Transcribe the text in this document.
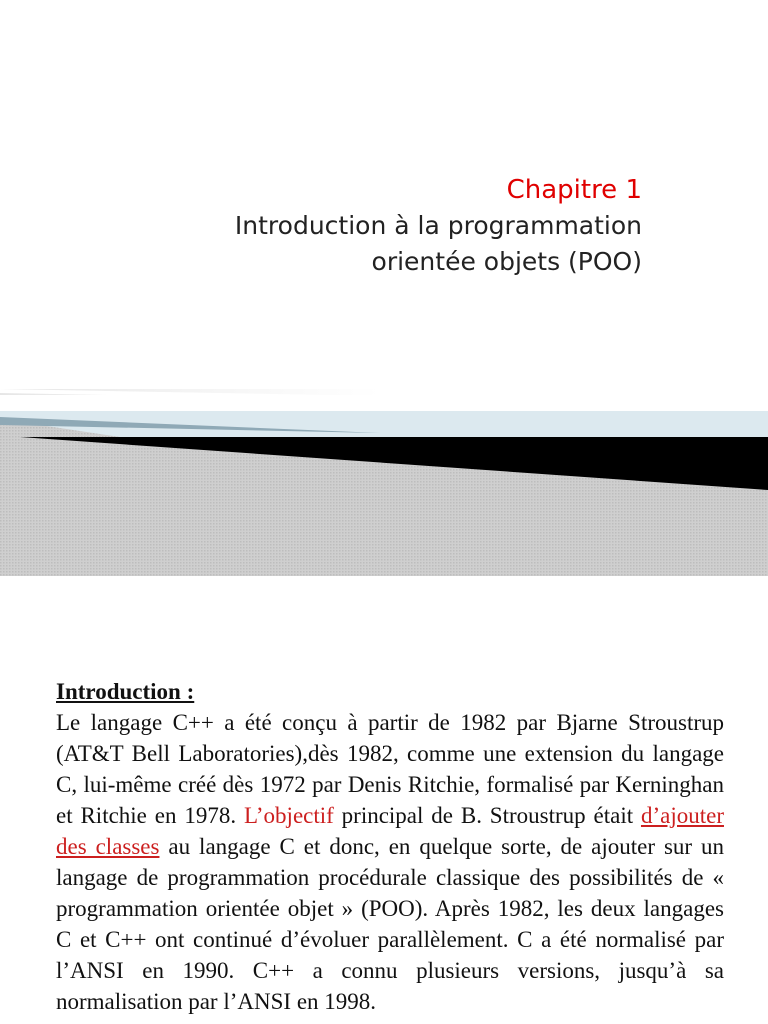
Chapitre 1

Introduction à la programmation

orientée objets (POO)

Introduction :

Le langage C++ a été conçu à partir de 1982 par Bjarne Stroustrup (AT&T Bell Laboratories),dès 1982, comme une extension du langage C, lui-même créé dès 1972 par Denis Ritchie, formalisé par Kerninghan et Ritchie en 1978. L’objectif principal de B. Stroustrup était d’ajouter des classes au langage C et donc, en quelque sorte, de ajouter sur un langage de programmation procédurale classique des possibilités de « programmation orientée objet » (POO). Après 1982, les deux langages C et C++ ont continué d’évoluer parallèlement. C a été normalisé par l’ANSI en 1990. C++ a connu plusieurs versions, jusqu’à sa normalisation par l’ANSI en 1998.
